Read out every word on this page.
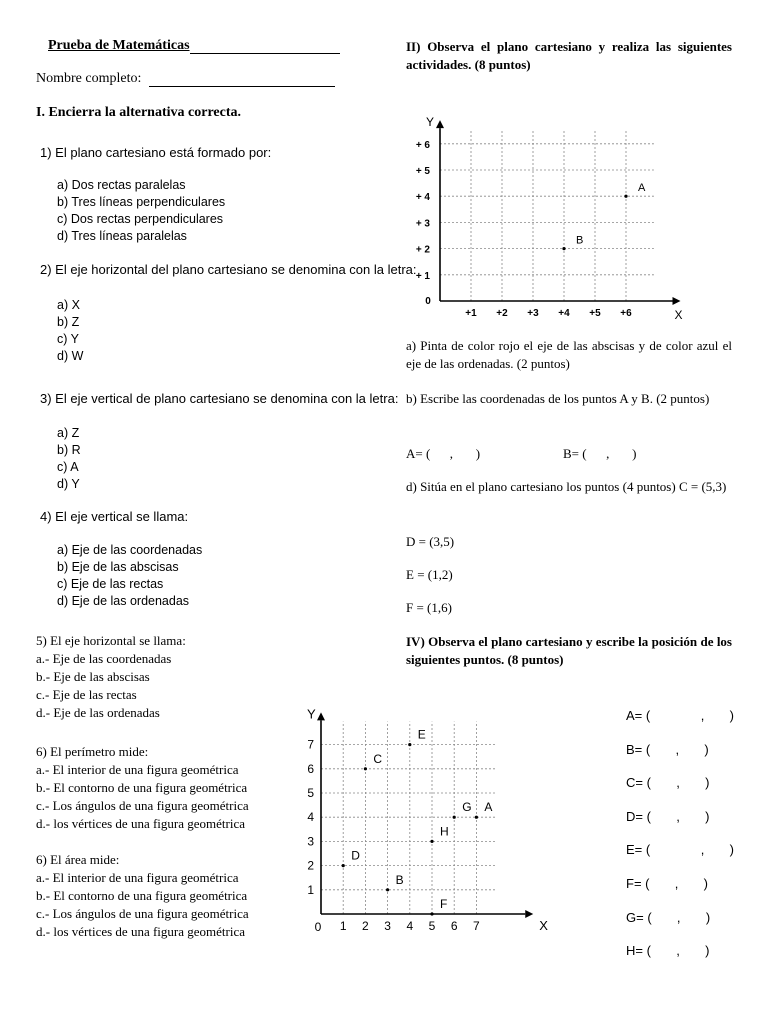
Prueba de Matemáticas
Nombre completo:
I. Encierra la alternativa correcta.
1) El plano cartesiano está formado por:
a) Dos rectas paralelas
b) Tres líneas perpendiculares
c) Dos rectas perpendiculares
d) Tres líneas paralelas
2) El eje horizontal del plano cartesiano se denomina con la letra:
a) X
b) Z
c) Y
d) W
3) El eje vertical de plano cartesiano se denomina con la letra:
a) Z
b) R
c) A
d) Y
4) El eje vertical se llama:
a) Eje de las coordenadas
b) Eje de las abscisas
c) Eje de las rectas
d) Eje de las ordenadas
5) El eje horizontal se llama:
a.- Eje de las coordenadas
b.- Eje de las abscisas
c.- Eje de las rectas
d.- Eje de las ordenadas
6) El perímetro mide:
a.- El interior de una figura geométrica
b.- El contorno de una figura geométrica
c.- Los ángulos de una figura geométrica
d.- los vértices de una figura geométrica
6) El área mide:
a.- El interior de una figura geométrica
b.- El contorno de una figura geométrica
c.- Los ángulos de una figura geométrica
d.- los vértices de una figura geométrica
II) Observa el plano cartesiano y realiza las siguientes actividades. (8 puntos)
X
Y
+1 +2 +3 +4 +5 +6
+ 1
+ 2
+ 3
+ 4
+ 5
+ 6
0
A
B
a) Pinta de color rojo el eje de las abscisas y de color azul el eje de las ordenadas. (2 puntos)
b) Escribe las coordenadas de los puntos A y B. (2 puntos)
A= (      ,       )	B= (      ,       )
d) Sitúa en el plano cartesiano los puntos (4 puntos) C = (5,3)
D = (3,5)
E = (1,2)
F = (1,6)
IV) Observa el plano cartesiano y escribe la posición de los siguientes puntos. (8 puntos)
X
Y
1 2 3 4 5 6 7
1
2
3
4
5
6
7
0
A
B
C
D
E
F
G
H
A= (              ,       )
B= (       ,       )
C= (       ,       )
D= (       ,       )
E= (              ,       )
F= (       ,       )
G= (       ,       )
H= (       ,       )
